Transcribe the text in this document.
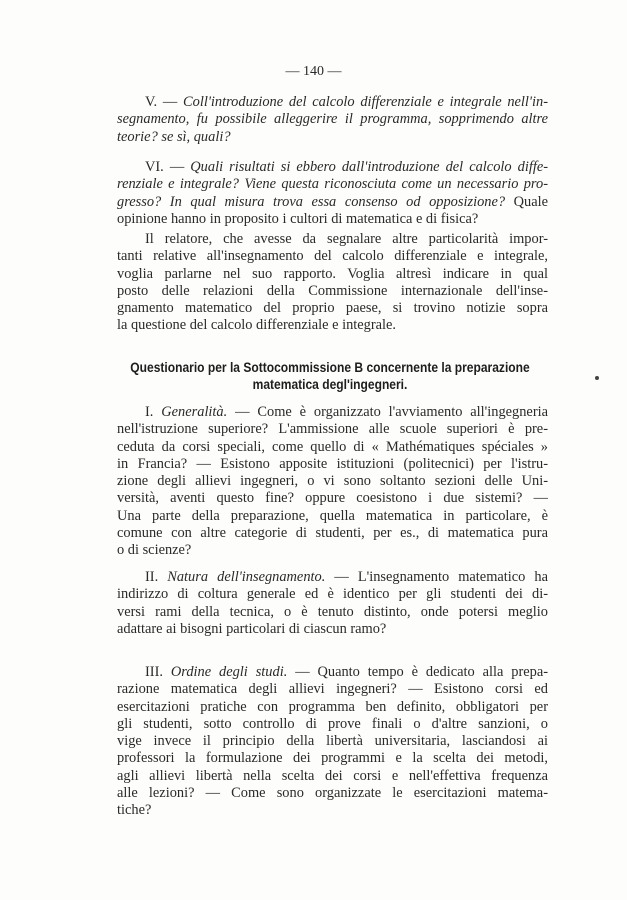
— 140 —
V. — Coll'introduzione del calcolo differenziale e integrale nell'in-
segnamento, fu possibile alleggerire il programma, sopprimendo altre
teorie? se sì, quali?
VI. — Quali risultati si ebbero dall'introduzione del calcolo diffe-
renziale e integrale? Viene questa riconosciuta come un necessario pro-
gresso? In qual misura trova essa consenso od opposizione? Quale
opinione hanno in proposito i cultori di matematica e di fisica?
Il relatore, che avesse da segnalare altre particolarità impor-
tanti relative all'insegnamento del calcolo differenziale e integrale,
voglia parlarne nel suo rapporto. Voglia altresì indicare in qual
posto delle relazioni della Commissione internazionale dell'inse-
gnamento matematico del proprio paese, si trovino notizie sopra
la questione del calcolo differenziale e integrale.
Questionario per la Sottocommissione B concernente la preparazione
matematica degl'ingegneri.
I. Generalità. — Come è organizzato l'avviamento all'ingegneria
nell'istruzione superiore? L'ammissione alle scuole superiori è pre-
ceduta da corsi speciali, come quello di « Mathématiques spéciales »
in Francia? — Esistono apposite istituzioni (politecnici) per l'istru-
zione degli allievi ingegneri, o vi sono soltanto sezioni delle Uni-
versità, aventi questo fine? oppure coesistono i due sistemi? —
Una parte della preparazione, quella matematica in particolare, è
comune con altre categorie di studenti, per es., di matematica pura
o di scienze?
II. Natura dell'insegnamento. — L'insegnamento matematico ha
indirizzo di coltura generale ed è identico per gli studenti dei di-
versi rami della tecnica, o è tenuto distinto, onde potersi meglio
adattare ai bisogni particolari di ciascun ramo?
III. Ordine degli studi. — Quanto tempo è dedicato alla prepa-
razione matematica degli allievi ingegneri? — Esistono corsi ed
esercitazioni pratiche con programma ben definito, obbligatori per
gli studenti, sotto controllo di prove finali o d'altre sanzioni, o
vige invece il principio della libertà universitaria, lasciandosi ai
professori la formulazione dei programmi e la scelta dei metodi,
agli allievi libertà nella scelta dei corsi e nell'effettiva frequenza
alle lezioni? — Come sono organizzate le esercitazioni matema-
tiche?
